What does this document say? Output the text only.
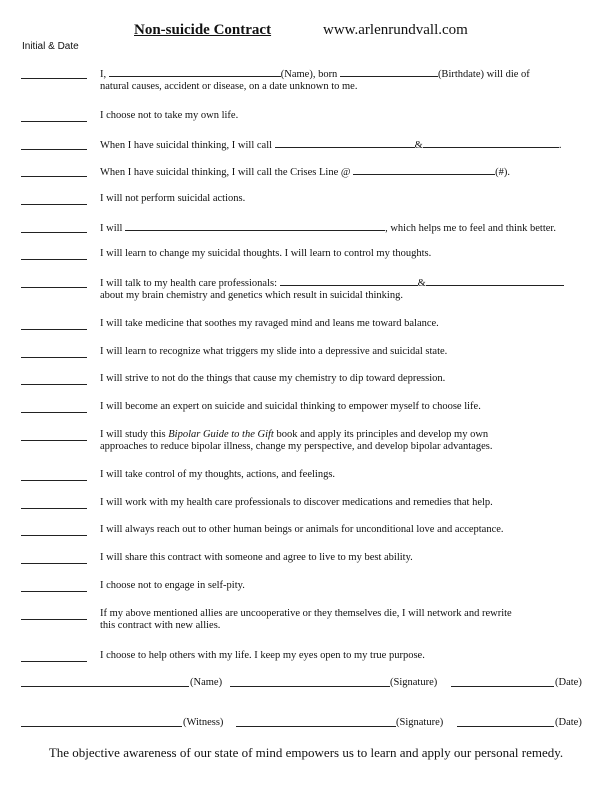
Non-suicide Contract	www.arlenrundvall.com
Initial & Date
I,	(Name), born	(Birthdate) will die of
natural causes, accident or disease, on a date unknown to me.
I choose not to take my own life.
When I have suicidal thinking, I will call	&	.
When I have suicidal thinking, I will call the Crises Line @	(#).
I will not perform suicidal actions.
I will	, which helps me to feel and think better.
I will learn to change my suicidal thoughts. I will learn to control my thoughts.
I will talk to my health care professionals:	&
about my brain chemistry and genetics which result in suicidal thinking.
I will take medicine that soothes my ravaged mind and leans me toward balance.
I will learn to recognize what triggers my slide into a depressive and suicidal state.
I will strive to not do the things that cause my chemistry to dip toward depression.
I will become an expert on suicide and suicidal thinking to empower myself to choose life.
I will study this Bipolar Guide to the Gift book and apply its principles and develop my own
approaches to reduce bipolar illness, change my perspective, and develop bipolar advantages.
I will take control of my thoughts, actions, and feelings.
I will work with my health care professionals to discover medications and remedies that help.
I will always reach out to other human beings or animals for unconditional love and acceptance.
I will share this contract with someone and agree to live to my best ability.
I choose not to engage in self-pity.
If my above mentioned allies are uncooperative or they themselves die, I will network and rewrite
this contract with new allies.
I choose to help others with my life. I keep my eyes open to my true purpose.
(Name)	(Signature)	(Date)
(Witness)	(Signature)	(Date)
The objective awareness of our state of mind empowers us to learn and apply our personal remedy.
